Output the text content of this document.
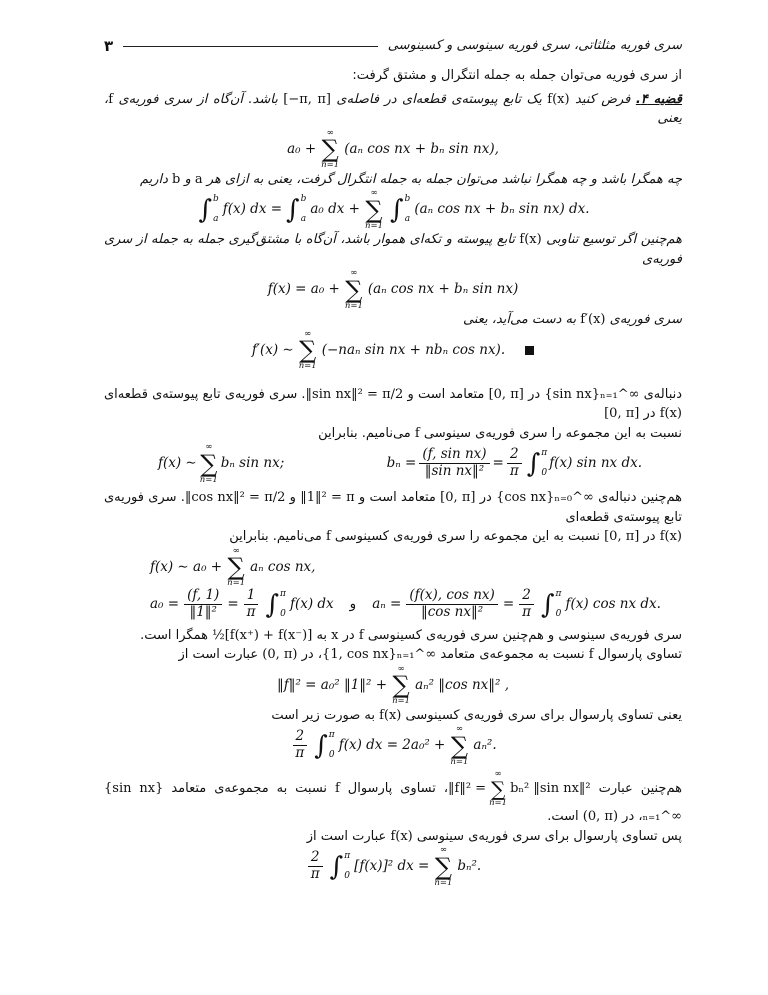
سری فوریه مثلثاتی، سری فوریه سینوسی و کسینوسی
۳

از سری فوریه می‌توان جمله به جمله انتگرال و مشتق گرفت:

قضیه ۴. فرض کنید f(x) یک تابع پیوسته‌ی قطعه‌ای در فاصله‌ی [−π, π] باشد. آن‌گاه از سری فوریه‌ی f، یعنی

a₀ +
∞
∑
n=1
(aₙ cos nx + bₙ sin nx),

چه همگرا باشد و چه همگرا نباشد می‌توان جمله به جمله انتگرال گرفت، یعنی به ازای هر a و b داریم

∫ b
a
f(x) dx = ∫ b
a
a₀ dx +
∞
∑
n=1
∫ b
a
(aₙ cos nx + bₙ sin nx) dx.

هم‌چنین اگر توسیع تناوبی f(x) تابع پیوسته و تکه‌ای هموار باشد، آن‌گاه با مشتق‌گیری جمله به جمله از سری فوریه‌ی

f(x) = a₀ +
∞
∑
n=1
(aₙ cos nx + bₙ sin nx)

سری فوریه‌ی f′(x) به دست می‌آید، یعنی

f′(x) ∼
∞
∑
n=1
(−naₙ sin nx + nbₙ cos nx).

دنباله‌ی {sin nx}ₙ₌₁^∞ در [0, π] متعامد است و ‖sin nx‖² = π/2. سری فوریه‌ی تابع پیوسته‌ی قطعه‌ای f(x) در [0, π]

نسبت به این مجموعه را سری فوریه‌ی سینوسی f می‌نامیم. بنابراین

f(x) ∼
∞
∑
n=1
bₙ sin nx;	$b_n = \frac{\text{(f, sin nx)}}{\text{‖sin nx‖²}} = \frac{2}{\pi}$ ∫ π
0
f(x) sin nx dx.

هم‌چنین دنباله‌ی {cos nx}ₙ₌₀^∞ در [0, π] متعامد است و ‖1‖² = π و ‖cos nx‖² = π/2. سری فوریه‌ی تابع پیوسته‌ی قطعه‌ای

f(x) در [0, π] نسبت به این مجموعه را سری فوریه‌ی کسینوسی f می‌نامیم. بنابراین

f(x) ∼ a₀ +
∞
∑
n=1
aₙ cos nx,
$a_0 = \frac{(f, 1)}{\text{‖1‖²}} = \frac{1}{\pi}$ ∫ π
0
f(x) dx و $a_n = \frac{\text{(f(x), cos nx)}}{\text{‖cos nx‖²}} = \frac{2}{\pi}$ ∫ π
0
f(x) cos nx dx.

سری فوریه‌ی سینوسی و هم‌چنین سری فوریه‌ی کسینوسی f در x به ½[f(x⁺) + f(x⁻)] همگرا است.

تساوی پارسوال f نسبت به مجموعه‌ی متعامد {1, cos nx}ₙ₌₁^∞، در (0, π) عبارت است از

‖f‖² = a₀² ‖1‖² +
∞
∑
n=1
aₙ² ‖cos nx‖² ,

یعنی تساوی پارسوال برای سری فوریه‌ی کسینوسی f(x) به صورت زیر است

$\frac{2}{\pi}$ ∫ π
0
f(x) dx = 2a₀² +
∞
∑
n=1
aₙ².

هم‌چنین عبارت
‖f‖² =
∞
∑
n=1
bₙ² ‖sin nx‖²
، تساوی پارسوال f نسبت به مجموعه‌ی متعامد {sin nx}ₙ₌₁^∞، در (0, π) است.

پس تساوی پارسوال برای سری فوریه‌ی سینوسی f(x) عبارت است از

$\frac{2}{\pi}$ ∫ π
0
[f(x)]² dx =
∞
∑
n=1
bₙ².
